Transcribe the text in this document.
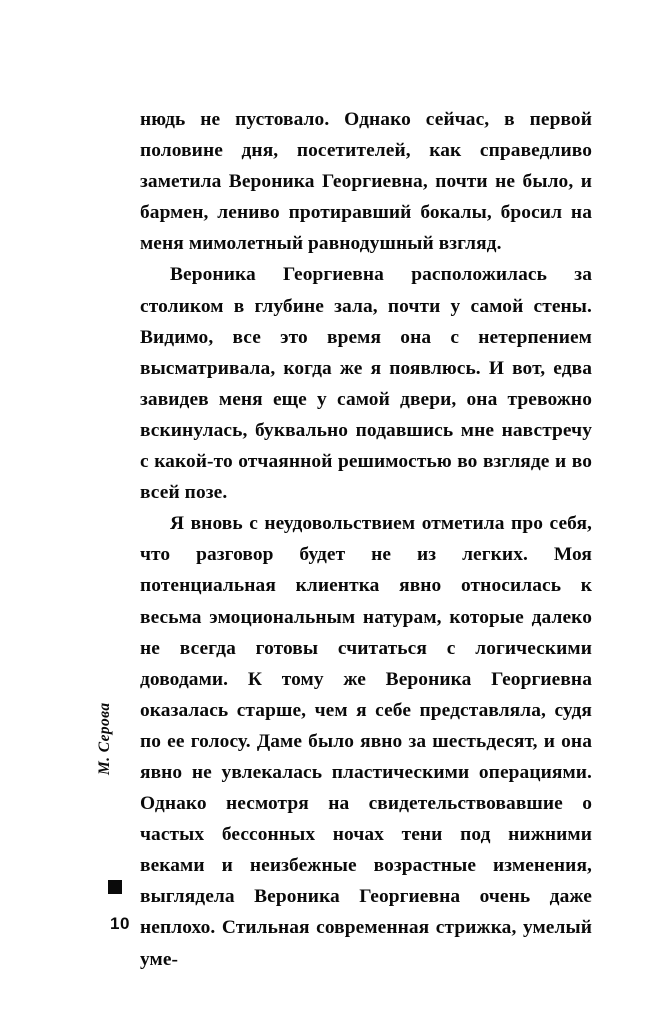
нюдь не пустовало. Однако сейчас, в первой половине дня, посетителей, как справедливо заметила Вероника Георгиевна, почти не было, и бармен, лениво протиравший бокалы, бросил на меня мимолетный равнодушный взгляд.

Вероника Георгиевна расположилась за столиком в глубине зала, почти у самой стены. Видимо, все это время она с нетерпением высматривала, когда же я появлюсь. И вот, едва завидев меня еще у самой двери, она тревожно вскинулась, буквально подавшись мне навстречу с какой-то отчаянной решимостью во взгляде и во всей позе.

Я вновь с неудовольствием отметила про себя, что разговор будет не из легких. Моя потенциальная клиентка явно относилась к весьма эмоциональным натурам, которые далеко не всегда готовы считаться с логическими доводами. К тому же Вероника Георгиевна оказалась старше, чем я себе представляла, судя по ее голосу. Даме было явно за шестьдесят, и она явно не увлекалась пластическими операциями. Однако несмотря на свидетельствовавшие о частых бессонных ночах тени под нижними веками и неизбежные возрастные изменения, выглядела Вероника Георгиевна очень даже неплохо. Стильная современная стрижка, умелый уме-

М. Серова
10
